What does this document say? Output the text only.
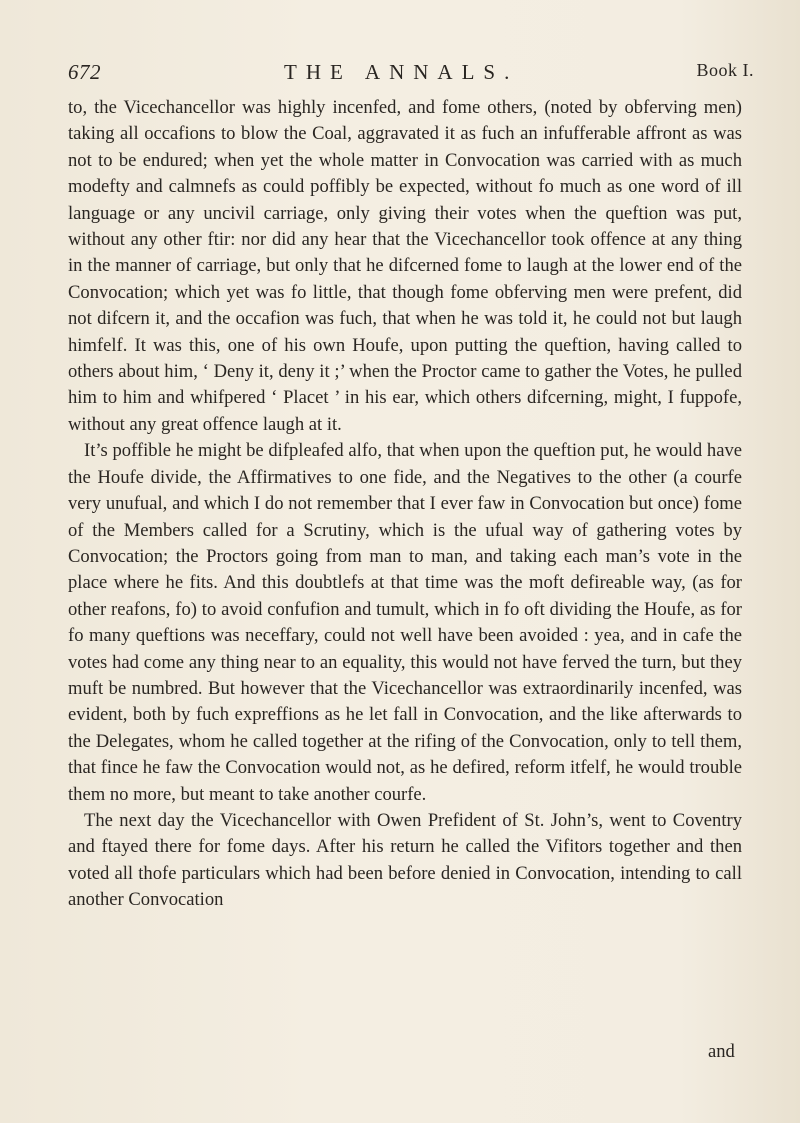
672	THE ANNALS.	Book I.

to, the Vicechancellor was highly incenfed, and fome others, (noted by obferving men) taking all occafions to blow the Coal, aggravated it as fuch an infufferable affront as was not to be endured; when yet the whole matter in Convocation was carried with as much modefty and calmnefs as could poffibly be expected, without fo much as one word of ill language or any uncivil carriage, only giving their votes when the queftion was put, without any other ftir: nor did any hear that the Vicechancellor took offence at any thing in the manner of carriage, but only that he difcerned fome to laugh at the lower end of the Convocation; which yet was fo little, that though fome obferving men were prefent, did not difcern it, and the occafion was fuch, that when he was told it, he could not but laugh himfelf. It was this, one of his own Houfe, upon putting the queftion, having called to others about him, ‘ Deny it, deny it ;’ when the Proctor came to gather the Votes, he pulled him to him and whifpered ‘ Placet ’ in his ear, which others difcerning, might, I fuppofe, without any great offence laugh at it.

It’s poffible he might be difpleafed alfo, that when upon the queftion put, he would have the Houfe divide, the Affirmatives to one fide, and the Negatives to the other (a courfe very unufual, and which I do not remember that I ever faw in Convocation but once) fome of the Members called for a Scrutiny, which is the ufual way of gathering votes by Convocation; the Proctors going from man to man, and taking each man’s vote in the place where he fits. And this doubtlefs at that time was the moft defireable way, (as for other reafons, fo) to avoid confufion and tumult, which in fo oft dividing the Houfe, as for fo many queftions was neceffary, could not well have been avoided : yea, and in cafe the votes had come any thing near to an equality, this would not have ferved the turn, but they muft be numbred. But however that the Vicechancellor was extraordinarily incenfed, was evident, both by fuch expreffions as he let fall in Convocation, and the like afterwards to the Delegates, whom he called together at the rifing of the Convocation, only to tell them, that fince he faw the Convocation would not, as he defired, reform itfelf, he would trouble them no more, but meant to take another courfe.

The next day the Vicechancellor with Owen Prefident of St. John’s, went to Coventry and ftayed there for fome days. After his return he called the Vifitors together and then voted all thofe particulars which had been before denied in Convocation, intending to call another Convocation

and
